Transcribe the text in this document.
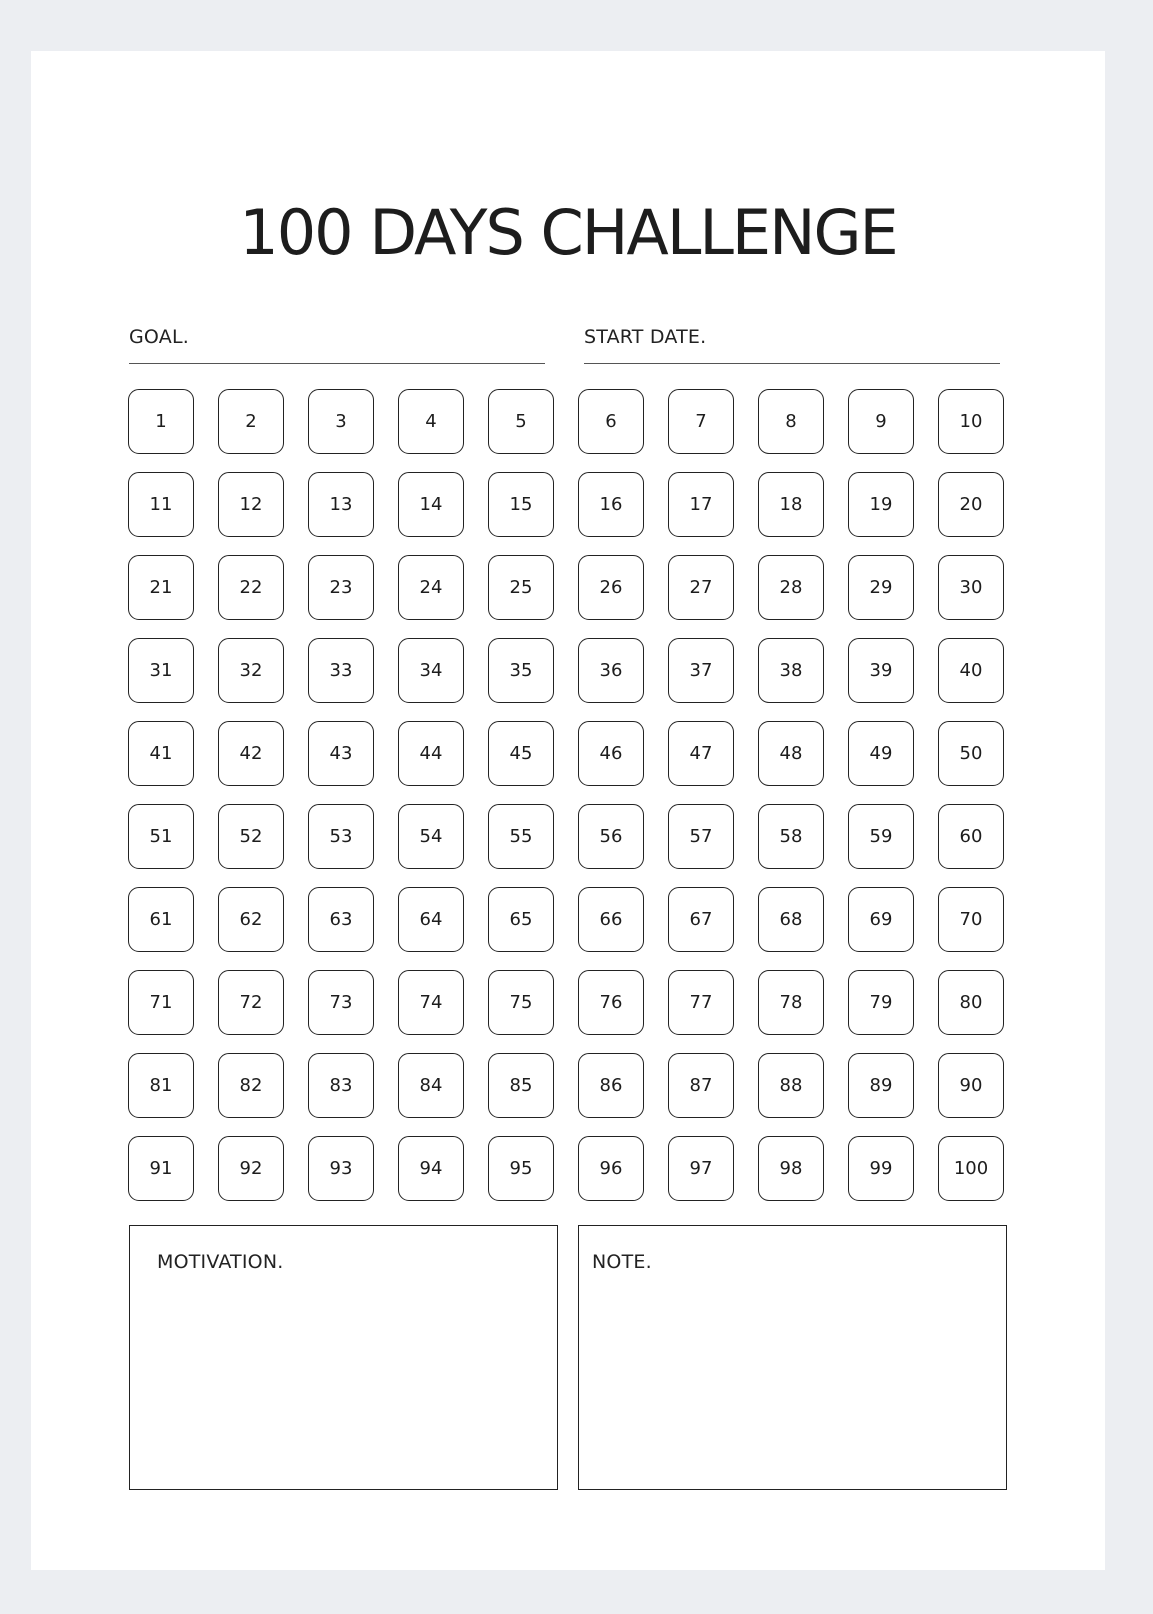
100 DAYS CHALLENGE
GOAL.	START DATE.
1	2	3	4	5	6	7	8	9	10
11	12	13	14	15	16	17	18	19	20
21	22	23	24	25	26	27	28	29	30
31	32	33	34	35	36	37	38	39	40
41	42	43	44	45	46	47	48	49	50
51	52	53	54	55	56	57	58	59	60
61	62	63	64	65	66	67	68	69	70
71	72	73	74	75	76	77	78	79	80
81	82	83	84	85	86	87	88	89	90
91	92	93	94	95	96	97	98	99	100
MOTIVATION.	NOTE.
